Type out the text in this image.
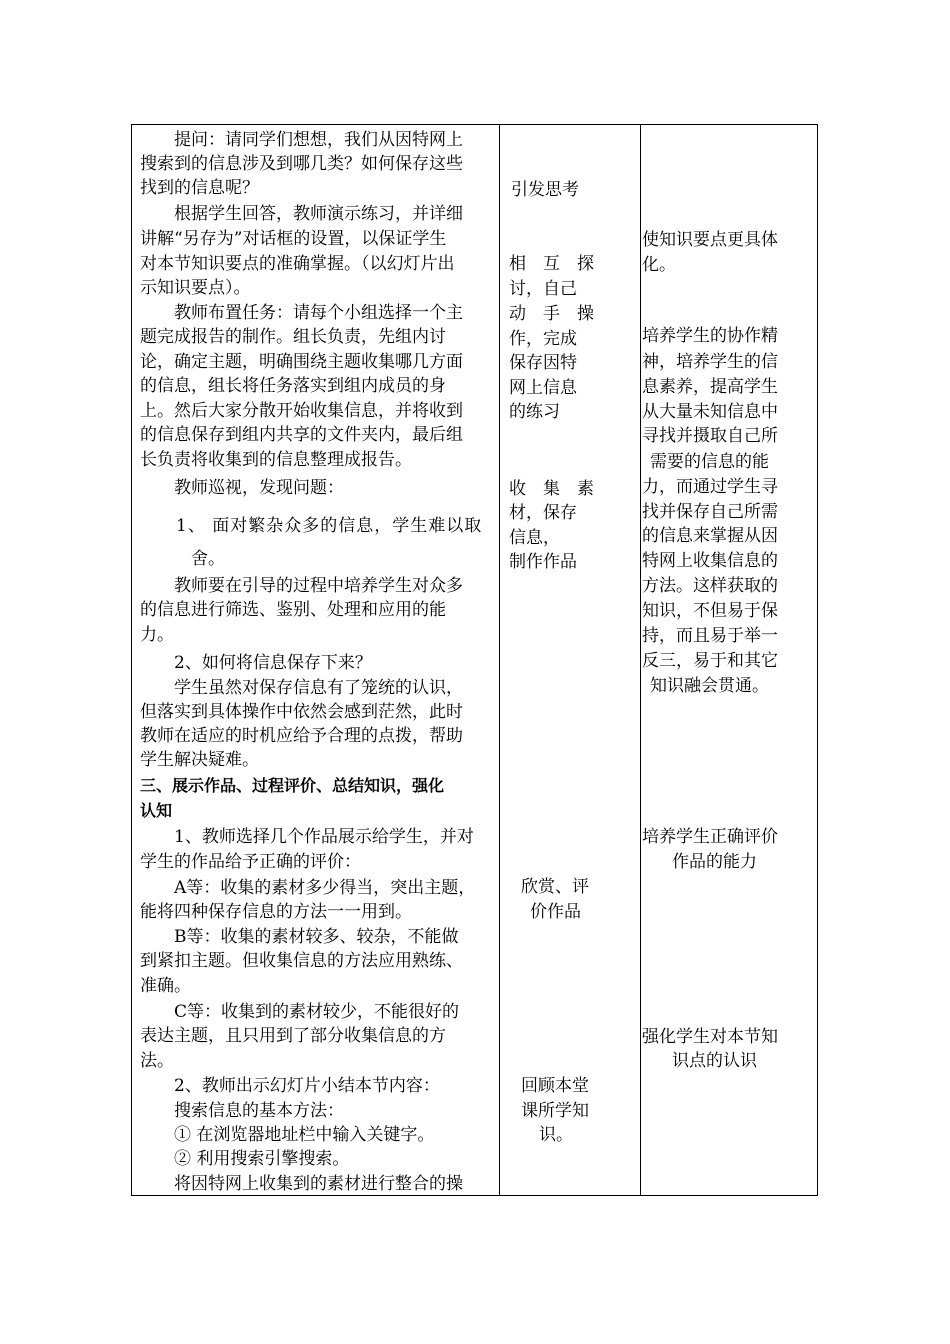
　　提问：请同学们想想，我们从因特网上
搜索到的信息涉及到哪几类？如何保存这些
找到的信息呢？
　　根据学生回答，教师演示练习，并详细
讲解“另存为”对话框的设置，以保证学生
对本节知识要点的准确掌握。（以幻灯片出
示知识要点）。
　　教师布置任务：请每个小组选择一个主
题完成报告的制作。组长负责，先组内讨
论，确定主题，明确围绕主题收集哪几方面
的信息，组长将任务落实到组内成员的身
上。然后大家分散开始收集信息，并将收到
的信息保存到组内共享的文件夹内，最后组
长负责将收集到的信息整理成报告。
　　教师巡视，发现问题：
　　1、 面对繁杂众多的信息，学生难以取
　　　舍。
　　教师要在引导的过程中培养学生对众多
的信息进行筛选、鉴别、处理和应用的能
力。
　　2、如何将信息保存下来？
　　学生虽然对保存信息有了笼统的认识，
但落实到具体操作中依然会感到茫然，此时
教师在适应的时机应给予合理的点拨，帮助
学生解决疑难。
三、展示作品、过程评价、总结知识，强化
认知
　　1、教师选择几个作品展示给学生，并对
学生的作品给予正确的评价：
　　A等：收集的素材多少得当，突出主题，
能将四种保存信息的方法一一用到。
　　B等：收集的素材较多、较杂，不能做
到紧扣主题。但收集信息的方法应用熟练、
准确。
　　C等：收集到的素材较少，不能很好的
表达主题，且只用到了部分收集信息的方
法。
　　2、教师出示幻灯片小结本节内容：
　　搜索信息的基本方法：
　　① 在浏览器地址栏中输入关键字。
　　② 利用搜索引擎搜索。
　　将因特网上收集到的素材进行整合的操
引发思考
相　互　探
讨，自己
动　手　操
作，完成
保存因特
网上信息
的练习
收　集　素
材，保存
信息，
制作作品
欣赏、评
价作品
回顾本堂
课所学知
识。
使知识要点更具体
化。
培养学生的协作精
神，培养学生的信
息素养，提高学生
从大量未知信息中
寻找并摄取自己所
需要的信息的能
力，而通过学生寻
找并保存自己所需
的信息来掌握从因
特网上收集信息的
方法。这样获取的
知识，不但易于保
持，而且易于举一
反三，易于和其它
知识融会贯通。
培养学生正确评价
作品的能力
强化学生对本节知
识点的认识
